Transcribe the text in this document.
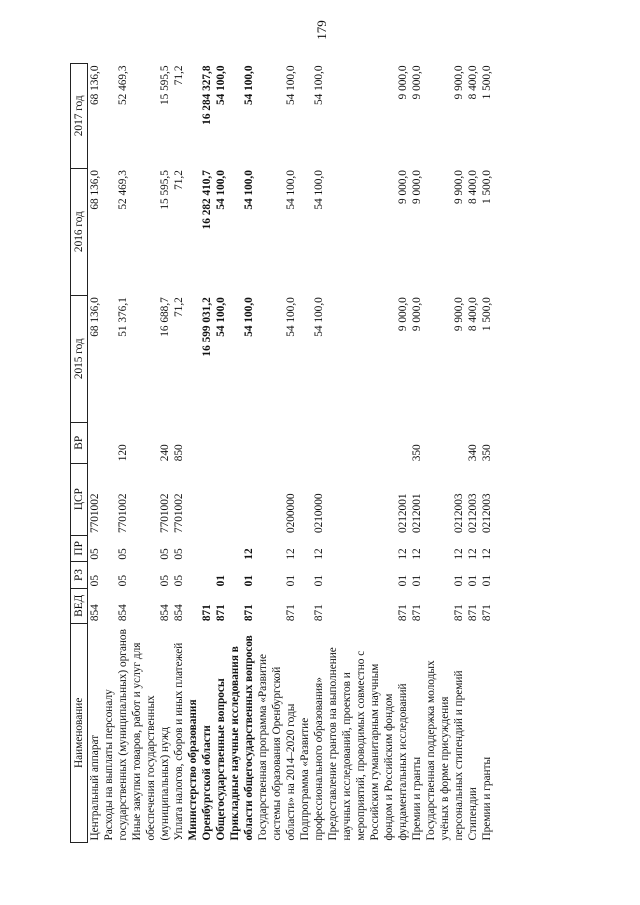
179
Наименование	ВЕД	РЗ	ПР	ЦСР	ВР	2015 год	2016 год	2017 год
Центральный аппарат	854	05	05	7701002		68 136,0	68 136,0	68 136,0
Расходы на выплаты персоналу государственных (муниципальных) органов	854	05	05	7701002	120	51 376,1	52 469,3	52 469,3
Иные закупки товаров, работ и услуг для обеспечения государственных (муниципальных) нужд	854	05	05	7701002	240	16 688,7	15 595,5	15 595,5
Уплата налогов, сборов и иных платежей	854	05	05	7701002	850	71,2	71,2	71,2
Министерство образования Оренбургской области	871					16 599 031,2	16 282 410,7	16 284 327,8
Общегосударственные вопросы	871	01				54 100,0	54 100,0	54 100,0
Прикладные научные исследования в области общегосударственных вопросов	871	01	12			54 100,0	54 100,0	54 100,0
Государственная программа «Развитие системы образования Оренбургской области» на 2014–2020 годы	871	01	12	0200000		54 100,0	54 100,0	54 100,0
Подпрограмма «Развитие профессионального образования»	871	01	12	0210000		54 100,0	54 100,0	54 100,0
Предоставление грантов на выполнение научных исследований, проектов и мероприятий, проводимых совместно с Российским гуманитарным научным фондом и Российским фондом фундаментальных исследований	871	01	12	0212001		9 000,0	9 000,0	9 000,0
Премии и гранты	871	01	12	0212001	350	9 000,0	9 000,0	9 000,0
Государственная поддержка молодых учёных в форме присуждения персональных стипендий и премий	871	01	12	0212003		9 900,0	9 900,0	9 900,0
Стипендии	871	01	12	0212003	340	8 400,0	8 400,0	8 400,0
Премии и гранты	871	01	12	0212003	350	1 500,0	1 500,0	1 500,0
